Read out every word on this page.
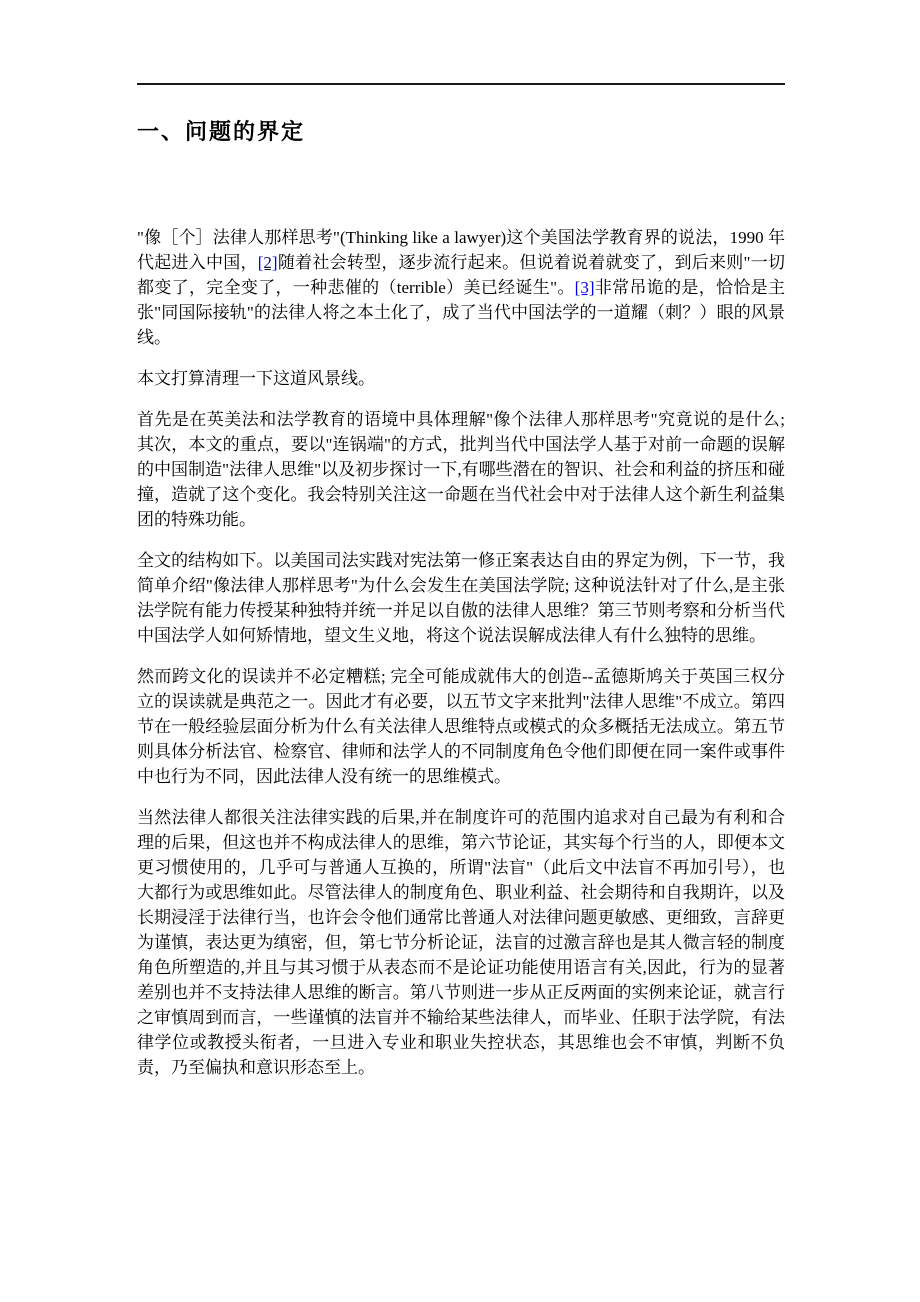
一、问题的界定

"像［个］法律人那样思考"(Thinking like a lawyer)这个美国法学教育界的说法，1990 年代起进入中国，[2]随着社会转型，逐步流行起来。但说着说着就变了，到后来则"一切都变了，完全变了，一种悲催的（terrible）美已经诞生"。[3]非常吊诡的是，恰恰是主张"同国际接轨"的法律人将之本土化了，成了当代中国法学的一道耀（刺？）眼的风景线。

本文打算清理一下这道风景线。

首先是在英美法和法学教育的语境中具体理解"像个法律人那样思考"究竟说的是什么; 其次，本文的重点，要以"连锅端"的方式，批判当代中国法学人基于对前一命题的误解的中国制造"法律人思维"以及初步探讨一下,有哪些潜在的智识、社会和利益的挤压和碰撞，造就了这个变化。我会特别关注这一命题在当代社会中对于法律人这个新生利益集团的特殊功能。

全文的结构如下。以美国司法实践对宪法第一修正案表达自由的界定为例，下一节，我简单介绍"像法律人那样思考"为什么会发生在美国法学院; 这种说法针对了什么,是主张法学院有能力传授某种独特并统一并足以自傲的法律人思维？第三节则考察和分析当代中国法学人如何矫情地，望文生义地，将这个说法误解成法律人有什么独特的思维。

然而跨文化的误读并不必定糟糕; 完全可能成就伟大的创造--孟德斯鸠关于英国三权分立的误读就是典范之一。因此才有必要，以五节文字来批判"法律人思维"不成立。第四节在一般经验层面分析为什么有关法律人思维特点或模式的众多概括无法成立。第五节则具体分析法官、检察官、律师和法学人的不同制度角色令他们即便在同一案件或事件中也行为不同，因此法律人没有统一的思维模式。

当然法律人都很关注法律实践的后果,并在制度许可的范围内追求对自己最为有利和合理的后果，但这也并不构成法律人的思维，第六节论证，其实每个行当的人，即便本文更习惯使用的，几乎可与普通人互换的，所谓"法盲"（此后文中法盲不再加引号），也大都行为或思维如此。尽管法律人的制度角色、职业利益、社会期待和自我期许，以及长期浸淫于法律行当，也许会令他们通常比普通人对法律问题更敏感、更细致，言辞更为谨慎，表达更为缜密，但，第七节分析论证，法盲的过激言辞也是其人微言轻的制度角色所塑造的,并且与其习惯于从表态而不是论证功能使用语言有关,因此，行为的显著差别也并不支持法律人思维的断言。第八节则进一步从正反两面的实例来论证，就言行之审慎周到而言，一些谨慎的法盲并不输给某些法律人，而毕业、任职于法学院，有法律学位或教授头衔者，一旦进入专业和职业失控状态，其思维也会不审慎，判断不负责，乃至偏执和意识形态至上。
